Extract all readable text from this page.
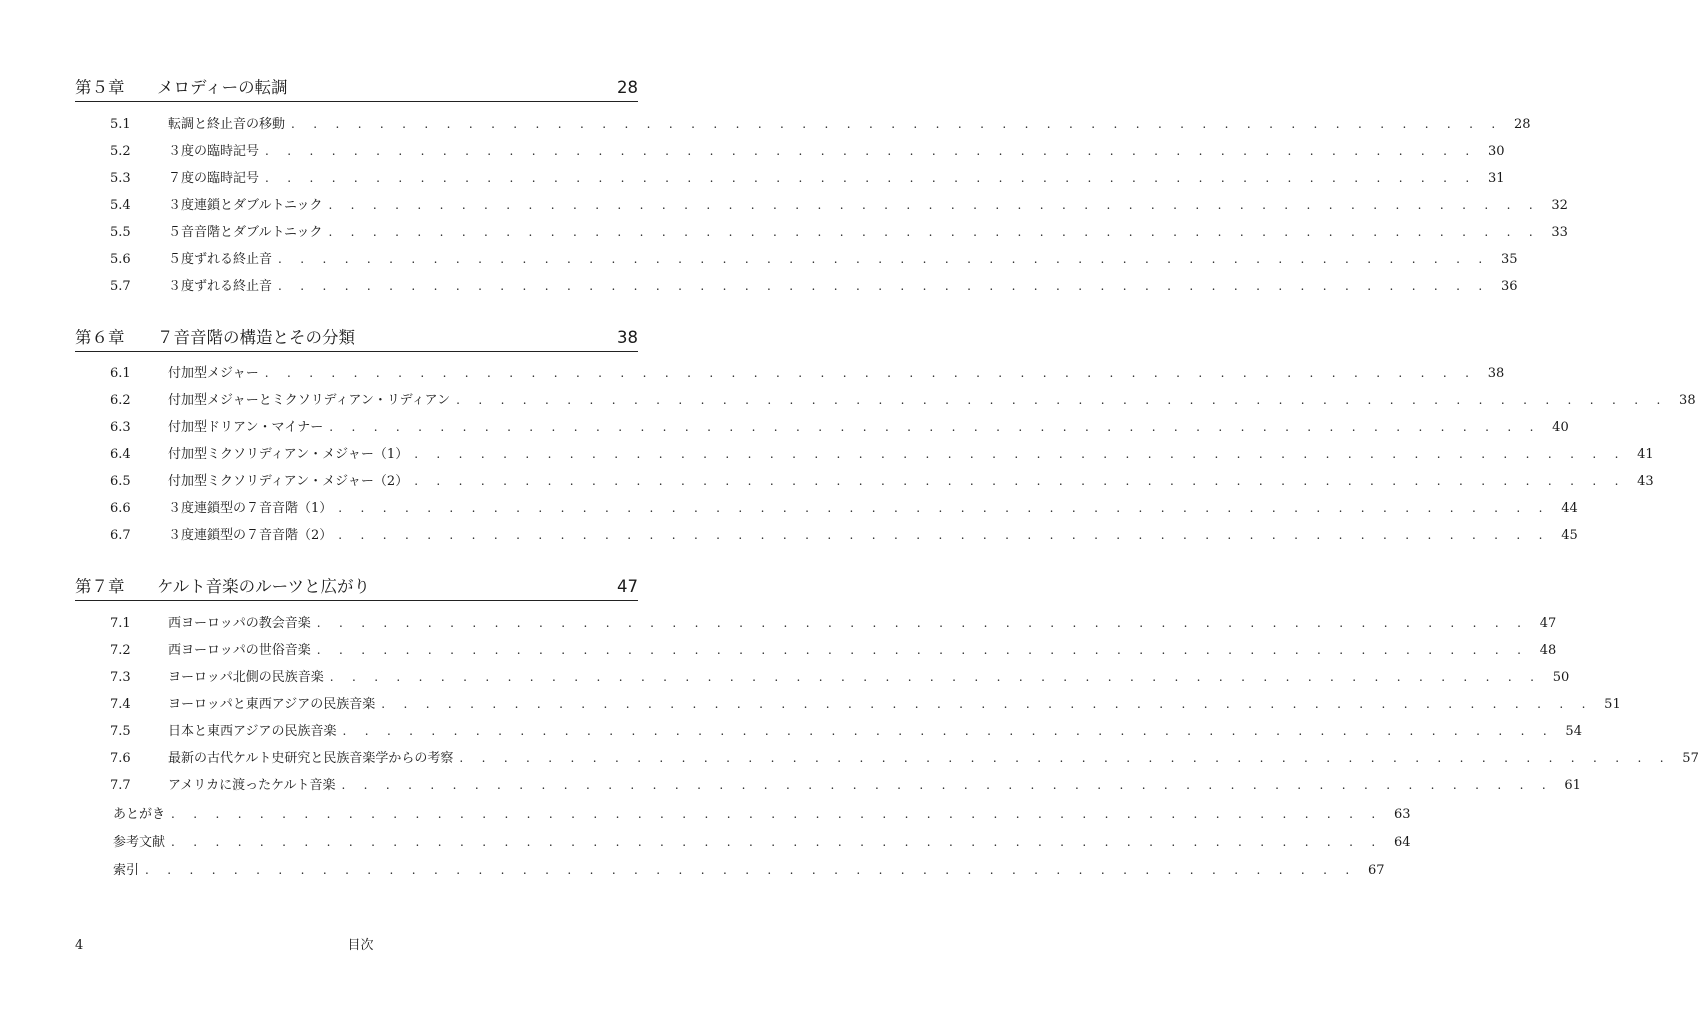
第５章 メロディーの転調	28
5.1	転調と終止音の移動 . . . . . . . . . . . . . . . . . . . . . . . . . . . . . . . . . . . . . . . . . . . . . . . . . . . . . . . 28
5.2	３度の臨時記号 . . . . . . . . . . . . . . . . . . . . . . . . . . . . . . . . . . . . . . . . . . . . . . . . . . . . . . . 30
5.3	７度の臨時記号 . . . . . . . . . . . . . . . . . . . . . . . . . . . . . . . . . . . . . . . . . . . . . . . . . . . . . . . 31
5.4	３度連鎖とダブルトニック . . . . . . . . . . . . . . . . . . . . . . . . . . . . . . . . . . . . . . . . . . . . . . . . . . . . . . . 32
5.5	５音音階とダブルトニック . . . . . . . . . . . . . . . . . . . . . . . . . . . . . . . . . . . . . . . . . . . . . . . . . . . . . . . 33
5.6	５度ずれる終止音 . . . . . . . . . . . . . . . . . . . . . . . . . . . . . . . . . . . . . . . . . . . . . . . . . . . . . . . 35
5.7	３度ずれる終止音 . . . . . . . . . . . . . . . . . . . . . . . . . . . . . . . . . . . . . . . . . . . . . . . . . . . . . . . 36
第６章 ７音音階の構造とその分類	38
6.1	付加型メジャー . . . . . . . . . . . . . . . . . . . . . . . . . . . . . . . . . . . . . . . . . . . . . . . . . . . . . . . 38
6.2	付加型メジャーとミクソリディアン・リディアン . . . . . . . . . . . . . . . . . . . . . . . . . . . . . . . . . . . . . . . . . . . . . . . . . . . . . . . 38
6.3	付加型ドリアン・マイナー . . . . . . . . . . . . . . . . . . . . . . . . . . . . . . . . . . . . . . . . . . . . . . . . . . . . . . . 40
6.4	付加型ミクソリディアン・メジャー（1） . . . . . . . . . . . . . . . . . . . . . . . . . . . . . . . . . . . . . . . . . . . . . . . . . . . . . . . 41
6.5	付加型ミクソリディアン・メジャー（2） . . . . . . . . . . . . . . . . . . . . . . . . . . . . . . . . . . . . . . . . . . . . . . . . . . . . . . . 43
6.6	３度連鎖型の７音音階（1） . . . . . . . . . . . . . . . . . . . . . . . . . . . . . . . . . . . . . . . . . . . . . . . . . . . . . . . 44
6.7	３度連鎖型の７音音階（2） . . . . . . . . . . . . . . . . . . . . . . . . . . . . . . . . . . . . . . . . . . . . . . . . . . . . . . . 45
第７章 ケルト音楽のルーツと広がり	47
7.1	西ヨーロッパの教会音楽 . . . . . . . . . . . . . . . . . . . . . . . . . . . . . . . . . . . . . . . . . . . . . . . . . . . . . . . 47
7.2	西ヨーロッパの世俗音楽 . . . . . . . . . . . . . . . . . . . . . . . . . . . . . . . . . . . . . . . . . . . . . . . . . . . . . . . 48
7.3	ヨーロッパ北側の民族音楽 . . . . . . . . . . . . . . . . . . . . . . . . . . . . . . . . . . . . . . . . . . . . . . . . . . . . . . . 50
7.4	ヨーロッパと東西アジアの民族音楽 . . . . . . . . . . . . . . . . . . . . . . . . . . . . . . . . . . . . . . . . . . . . . . . . . . . . . . . 51
7.5	日本と東西アジアの民族音楽 . . . . . . . . . . . . . . . . . . . . . . . . . . . . . . . . . . . . . . . . . . . . . . . . . . . . . . . 54
7.6	最新の古代ケルト史研究と民族音楽学からの考察 . . . . . . . . . . . . . . . . . . . . . . . . . . . . . . . . . . . . . . . . . . . . . . . . . . . . . . . 57
7.7	アメリカに渡ったケルト音楽 . . . . . . . . . . . . . . . . . . . . . . . . . . . . . . . . . . . . . . . . . . . . . . . . . . . . . . . 61
あとがき . . . . . . . . . . . . . . . . . . . . . . . . . . . . . . . . . . . . . . . . . . . . . . . . . . . . . . . 63
参考文献 . . . . . . . . . . . . . . . . . . . . . . . . . . . . . . . . . . . . . . . . . . . . . . . . . . . . . . . 64
索引 . . . . . . . . . . . . . . . . . . . . . . . . . . . . . . . . . . . . . . . . . . . . . . . . . . . . . . . 67
目次
4
